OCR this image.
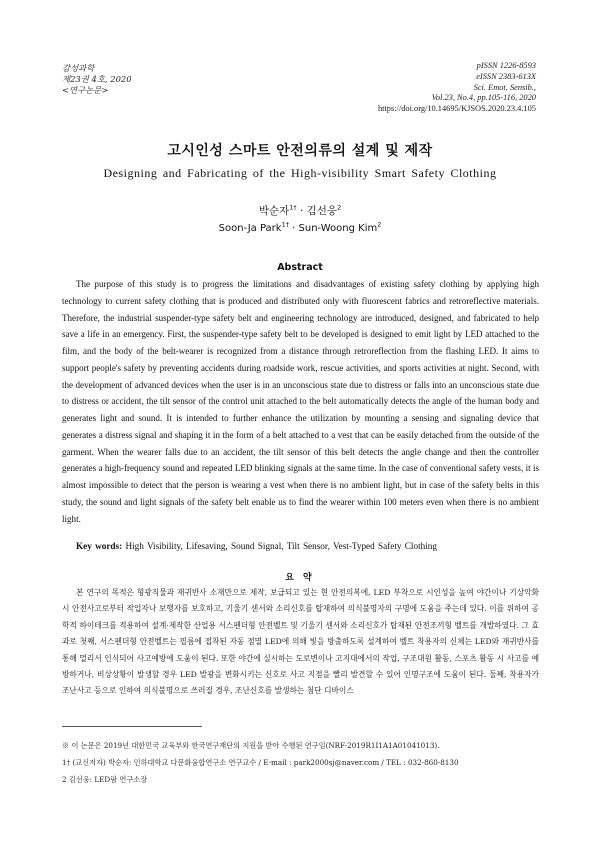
감성과학
제23권 4호, 2020
<연구논문>
pISSN 1226-8593
eISSN 2383-613X
Sci. Emot. Sensib.,
Vol.23, No.4, pp.105-116, 2020
https://doi.org/10.14695/KJSOS.2020.23.4.105
고시인성 스마트 안전의류의 설계 및 제작
Designing and Fabricating of the High-visibility Smart Safety Clothing
박순자$^{1\dagger}$ · 김선웅$^2$
Soon-Ja Park$^{1\dagger}$ · Sun-Woong Kim$^2$
Abstract

The purpose of this study is to progress the limitations and disadvantages of existing safety clothing by applying high technology to current safety clothing that is produced and distributed only with fluorescent fabrics and retroreflective materials. Therefore, the industrial suspender-type safety belt and engineering technology are introduced, designed, and fabricated to help save a life in an emergency. First, the suspender-type safety belt to be developed is designed to emit light by LED attached to the film, and the body of the belt-wearer is recognized from a distance through retroreflection from the flashing LED. It aims to support people's safety by preventing accidents during roadside work, rescue activities, and sports activities at night. Second, with the development of advanced devices when the user is in an unconscious state due to distress or falls into an unconscious state due to distress or accident, the tilt sensor of the control unit attached to the belt automatically detects the angle of the human body and generates light and sound. It is intended to further enhance the utilization by mounting a sensing and signaling device that generates a distress signal and shaping it in the form of a belt attached to a vest that can be easily detached from the outside of the garment. When the wearer falls due to an accident, the tilt sensor of this belt detects the angle change and then the controller generates a high-frequency sound and repeated LED blinking signals at the same time. In the case of conventional safety vests, it is almost impossible to detect that the person is wearing a vest when there is no ambient light, but in case of the safety belts in this study, the sound and light signals of the safety belt enable us to find the wearer within 100 meters even when there is no ambient light.

Key words: High Visibility, Lifesaving, Sound Signal, Tilt Sensor, Vest-Typed Safety Clothing
요 약

본 연구의 목적은 형광직물과 재귀반사 소재만으로 제작, 보급되고 있는 현 안전의복에, LED 부착으로 시인성을 높여 야간이나 기상악화 시 안전사고로부터 작업자나 보행자를 보호하고, 기울기 센서와 소리신호를 탑재하여 의식불명자의 구명에 도움을 주는데 있다. 이를 위하여 공학적 하이테크를 적용하여 설계·제작한 산업용 서스펜더형 안전벨트 및 기울기 센서와 소리신호가 탑재된 안전조끼형 벨트를 개발하였다. 그 효과로 첫째, 서스펜더형 안전벨트는 필름에 접착된 자동 점멸 LED에 의해 빛을 방출하도록 설계하여 벨트 착용자의 신체는 LED와 재귀반사를 통해 멀리서 인식되어 사고예방에 도움이 된다. 또한 야간에 실시하는 도로변이나 고지대에서의 작업, 구조대원 활동, 스포츠 활동 시 사고를 예방하거나, 비상상황이 발생할 경우 LED 발광을 변화시키는 신호로 사고 지점을 빨리 발견할 수 있어 인명구조에 도움이 된다. 둘째, 착용자가 조난사고 등으로 인하여 의식불명으로 쓰러질 경우, 조난신호를 발생하는 첨단 디바이스

※ 이 논문은 2019년 대한민국 교육부와 한국연구재단의 지원을 받아 수행된 연구임(NRF-2019R1I1A1A01041013).
1† (교신저자) 박순자: 인하대학교 다문화융합연구소 연구교수 / E-mail : park2000sj@naver.com / TEL : 032-860-8130
2 김선웅: LED팜 연구소장
